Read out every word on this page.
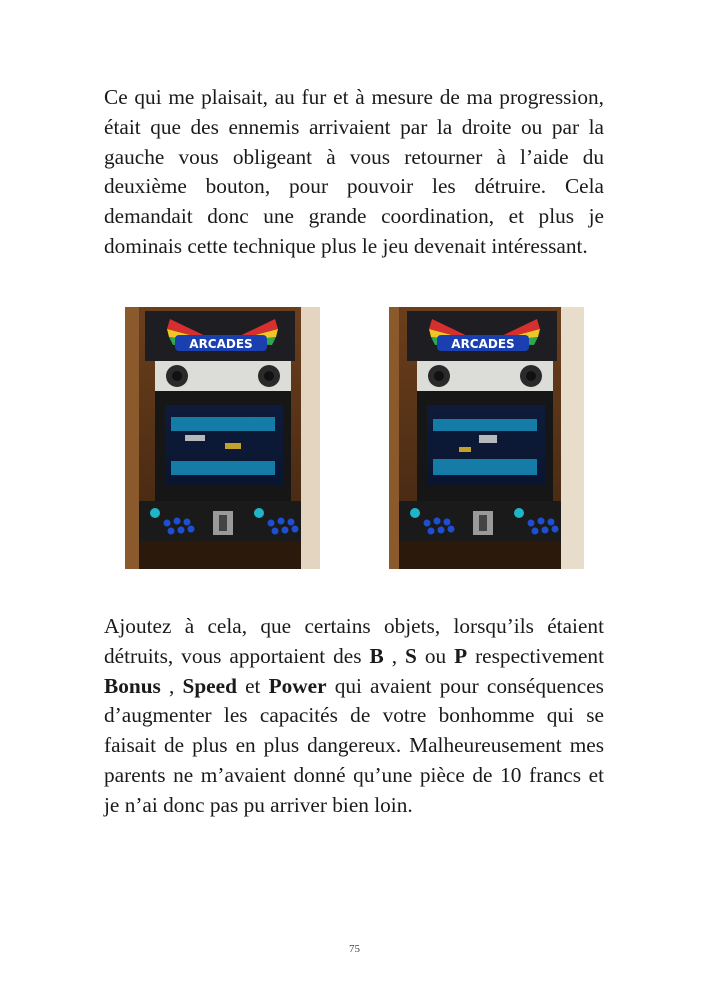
Ce qui me plaisait, au fur et à mesure de ma progression, était que des ennemis arrivaient par la droite ou par la gauche vous obligeant à vous retourner à l’aide du deuxième bouton, pour pouvoir les détruire. Cela demandait donc une grande coordination, et plus je dominais cette technique plus le jeu devenait intéressant.

ARCADES	ARCADES

Ajoutez à cela, que certains objets, lorsqu’ils étaient détruits, vous apportaient des B , S ou P respectivement Bonus , Speed et Power qui avaient pour conséquences d’augmenter les capacités de votre bonhomme qui se faisait de plus en plus dangereux. Malheureusement mes parents ne m’avaient donné qu’une pièce de 10 francs et je n’ai donc pas pu arriver bien loin.

75
